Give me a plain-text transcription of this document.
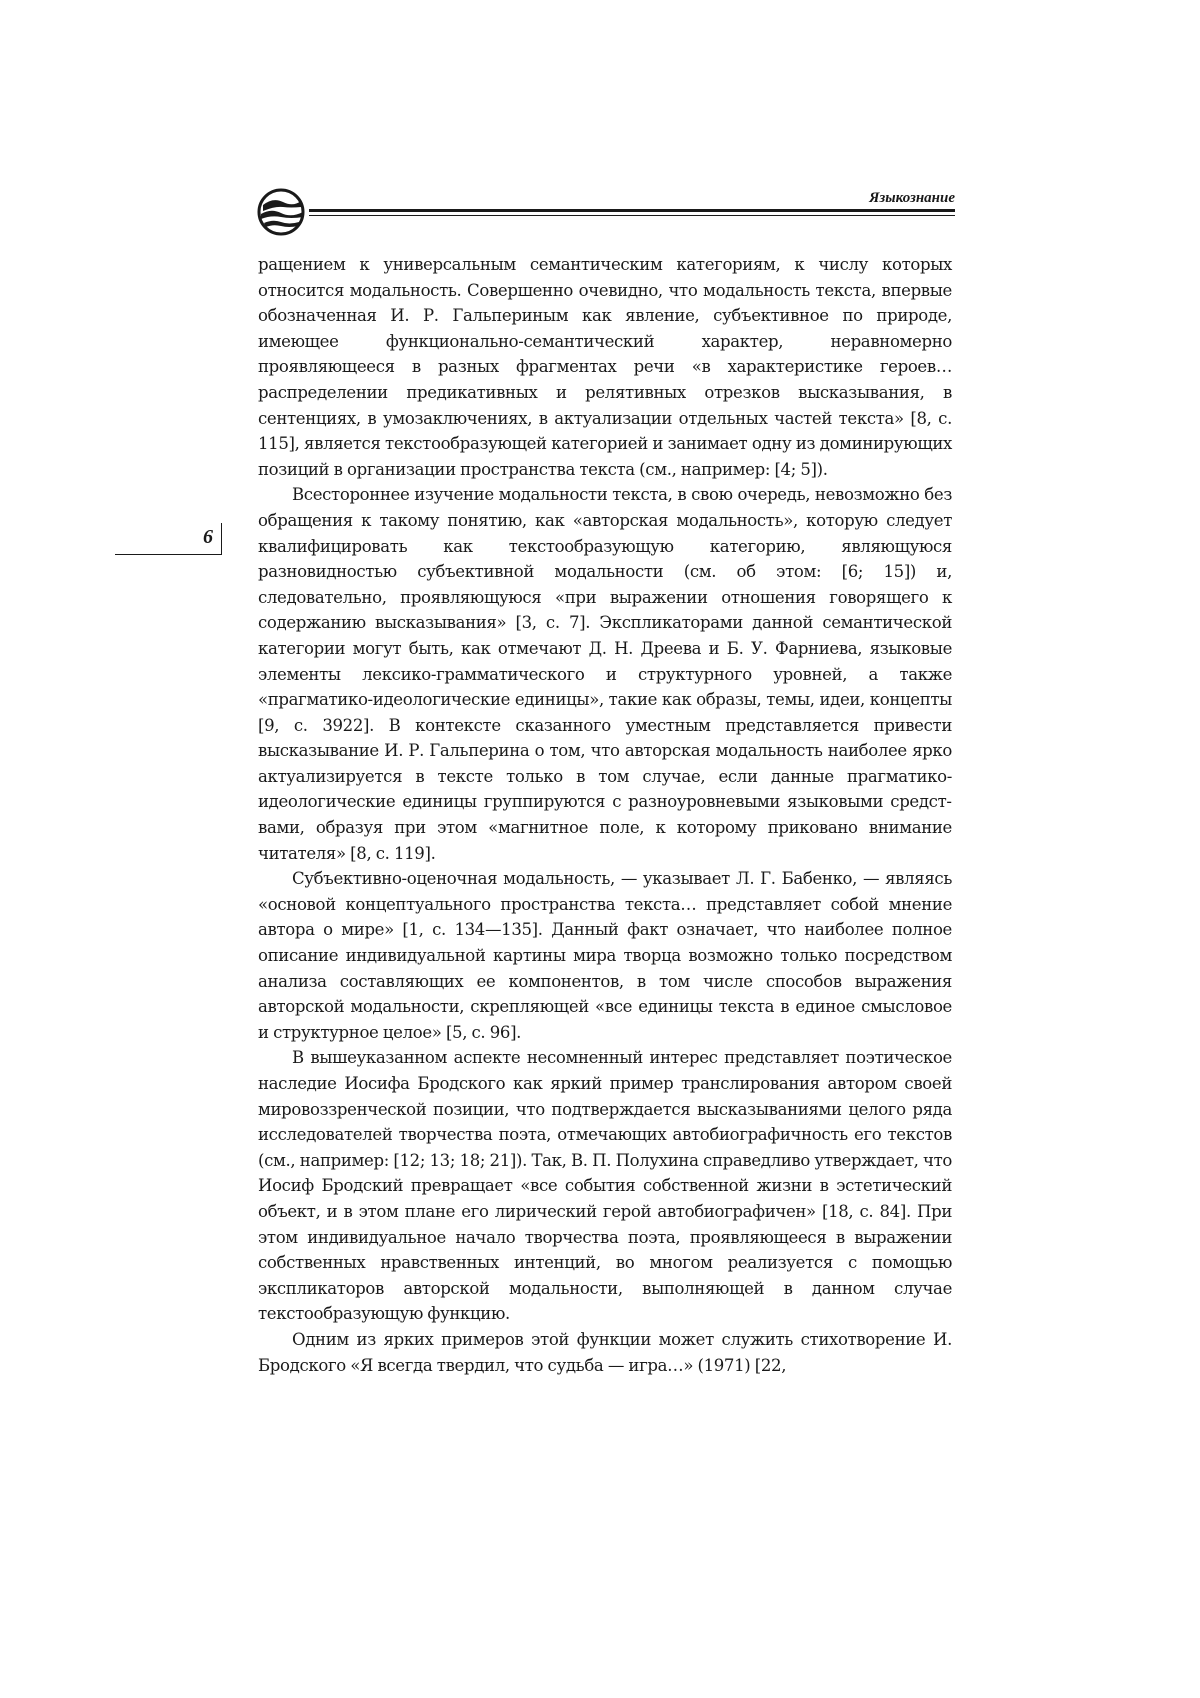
Языкознание
6

ращением к универсальным семантическим категориям, к числу которых относится модальность. Совершенно очевидно, что модальность текста, впервые обозначенная И. Р. Гальпериным как явление, субъективное по природе, имеющее функционально-семантический характер, неравномерно проявляющееся в разных фрагментах речи «в характеристике героев… распределении предикативных и релятивных отрезков высказывания, в сентенциях, в умозаключениях, в актуализации отдельных частей текста» [8, с. 115], является текстообразующей категорией и занимает одну из доминирующих позиций в организации пространства текста (см., например: [4; 5]).

Всестороннее изучение модальности текста, в свою очередь, невозможно без обращения к такому понятию, как «авторская модальность», которую следует квалифицировать как текстообразующую категорию, являющуюся разновидностью субъективной модальности (см. об этом: [6; 15]) и, следовательно, проявляющуюся «при выражении отношения говорящего к содержанию высказывания» [3, с. 7]. Экспликаторами данной семантической категории могут быть, как отмечают Д. Н. Дреева и Б. У. Фарниева, языковые элементы лексико-грамматического и структурного уровней, а также «прагматико-идеологические единицы», такие как образы, темы, идеи, концепты [9, с. 3922]. В контексте сказанного уместным представляется привести высказывание И. Р. Гальперина о том, что авторская модальность наиболее ярко актуализируется в тексте только в том случае, если данные прагматико-идеологические единицы группируются с разноуровневыми языковыми средствами, образуя при этом «магнитное поле, к которому приковано внимание читателя» [8, с. 119].

Субъективно-оценочная модальность, — указывает Л. Г. Бабенко, — являясь «основой концептуального пространства текста… представляет собой мнение автора о мире» [1, с. 134—135]. Данный факт означает, что наиболее полное описание индивидуальной картины мира творца возможно только посредством анализа составляющих ее компонентов, в том числе способов выражения авторской модальности, скрепляющей «все единицы текста в единое смысловое и структурное целое» [5, с. 96].

В вышеуказанном аспекте несомненный интерес представляет поэтическое наследие Иосифа Бродского как яркий пример транслирования автором своей мировоззренческой позиции, что подтверждается высказываниями целого ряда исследователей творчества поэта, отмечающих автобиографичность его текстов (см., например: [12; 13; 18; 21]). Так, В. П. Полухина справедливо утверждает, что Иосиф Бродский превращает «все события собственной жизни в эстетический объект, и в этом плане его лирический герой автобиографичен» [18, с. 84]. При этом индивидуальное начало творчества поэта, проявляющееся в выражении собственных нравственных интенций, во многом реализуется с помощью экспликаторов авторской модальности, выполняющей в данном случае текстообразующую функцию.

Одним из ярких примеров этой функции может служить стихотворение И. Бродского «Я всегда твердил, что судьба — игра…» (1971) [22,
